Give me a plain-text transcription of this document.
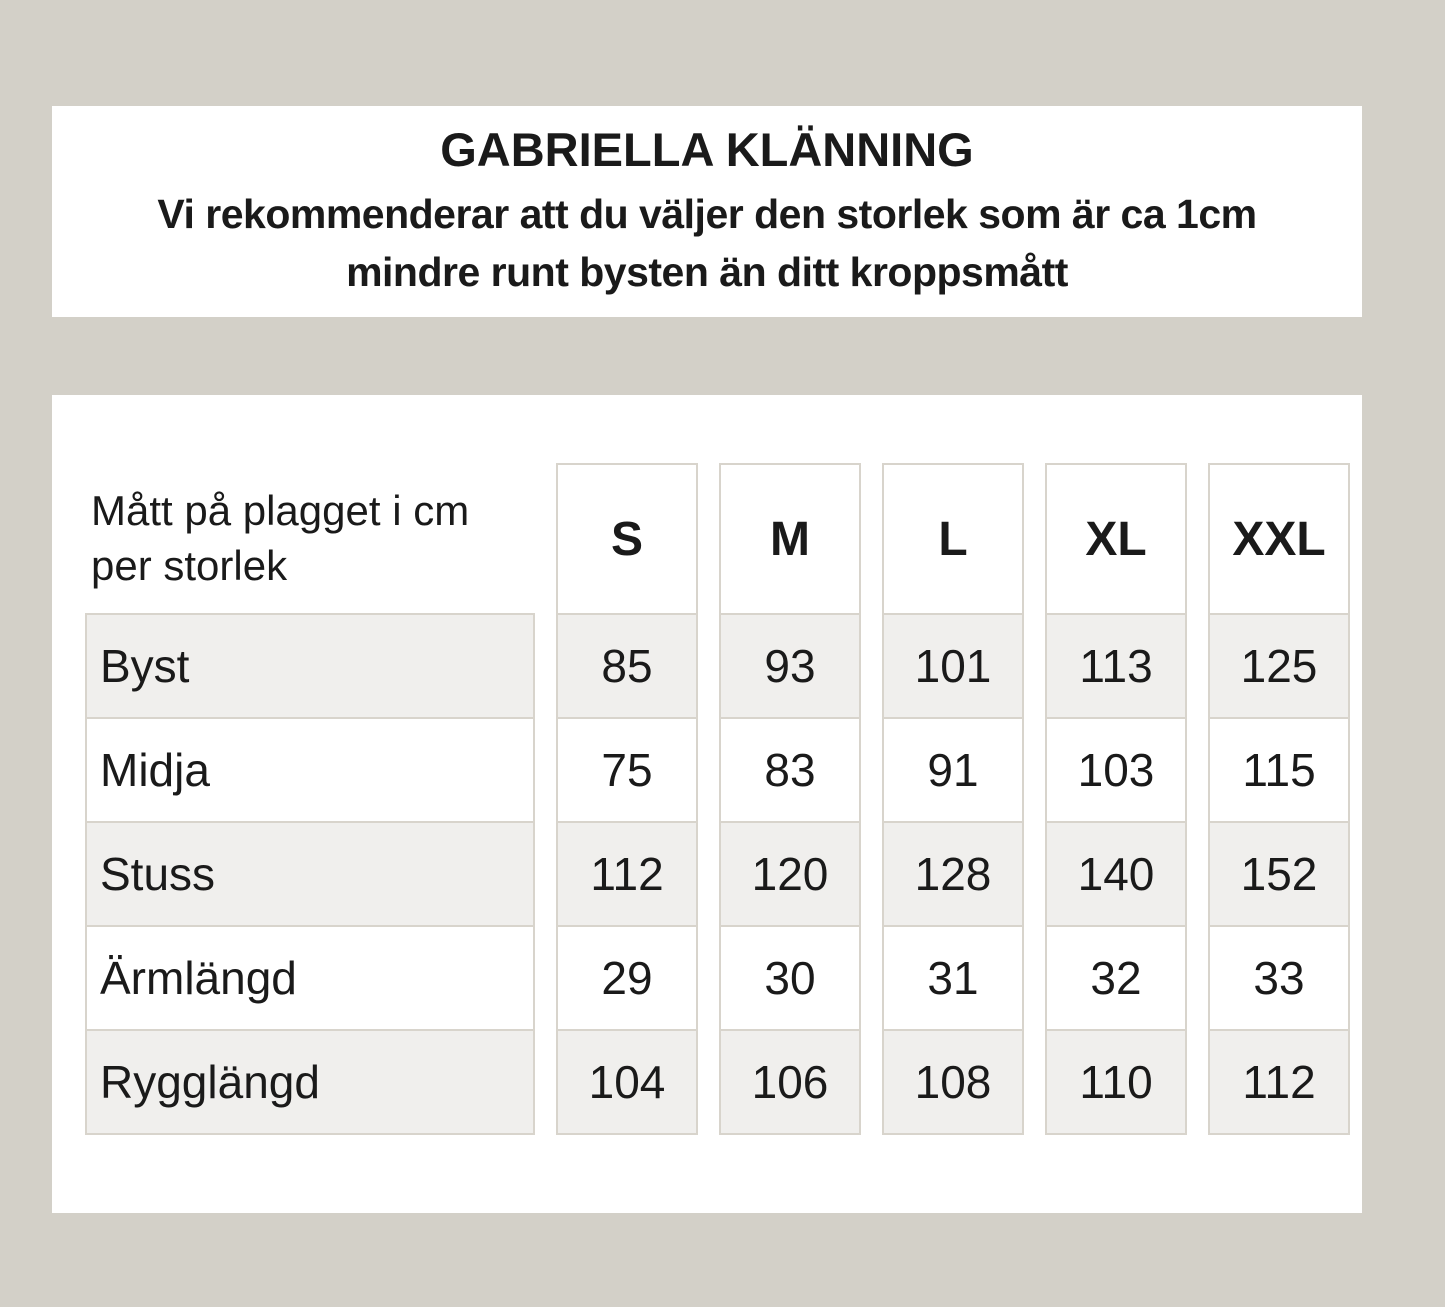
GABRIELLA KLÄNNING

Vi rekommenderar att du väljer den storlek som är ca 1cm

mindre runt bysten än ditt kroppsmått

Mått på plagget i cm
per storlek
Byst
Midja
Stuss
Ärmlängd
Rygglängd
S
85
75
112
29
104
M
93
83
120
30
106
L
101
91
128
31
108
XL
113
103
140
32
110
XXL
125
115
152
33
112
